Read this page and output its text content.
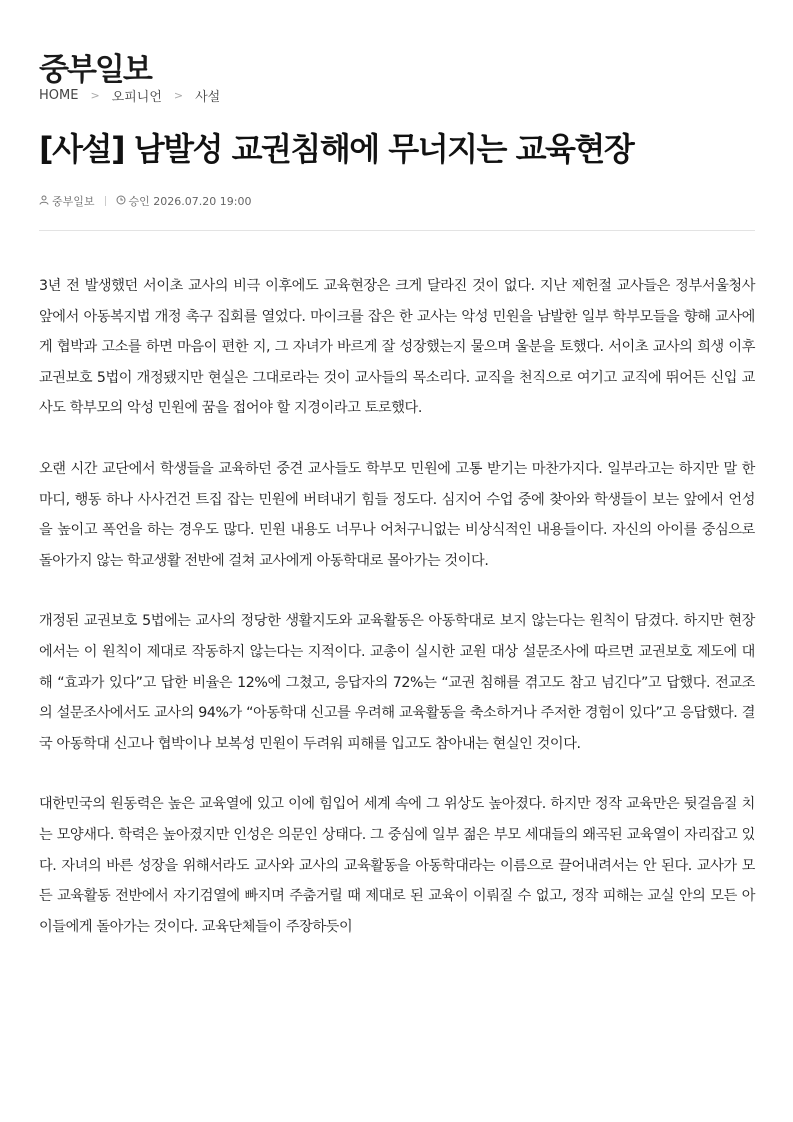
중부일보
HOME > 오피니언 > 사설
[사설] 남발성 교권침해에 무너지는 교육현장
중부일보	승인 2026.07.20 19:00

3년 전 발생했던 서이초 교사의 비극 이후에도 교육현장은 크게 달라진 것이 없다. 지난 제헌절 교사들은 정부서울청사 앞에서 아동복지법 개정 촉구 집회를 열었다. 마이크를 잡은 한 교사는 악성 민원을 남발한 일부 학부모들을 향해 교사에게 협박과 고소를 하면 마음이 편한 지, 그 자녀가 바르게 잘 성장했는지 물으며 울분을 토했다. 서이초 교사의 희생 이후 교권보호 5법이 개정됐지만 현실은 그대로라는 것이 교사들의 목소리다. 교직을 천직으로 여기고 교직에 뛰어든 신입 교사도 학부모의 악성 민원에 꿈을 접어야 할 지경이라고 토로했다.

오랜 시간 교단에서 학생들을 교육하던 중견 교사들도 학부모 민원에 고통 받기는 마찬가지다. 일부라고는 하지만 말 한 마디, 행동 하나 사사건건 트집 잡는 민원에 버텨내기 힘들 정도다. 심지어 수업 중에 찾아와 학생들이 보는 앞에서 언성을 높이고 폭언을 하는 경우도 많다. 민원 내용도 너무나 어처구니없는 비상식적인 내용들이다. 자신의 아이를 중심으로 돌아가지 않는 학교생활 전반에 걸쳐 교사에게 아동학대로 몰아가는 것이다.

개정된 교권보호 5법에는 교사의 정당한 생활지도와 교육활동은 아동학대로 보지 않는다는 원칙이 담겼다. 하지만 현장에서는 이 원칙이 제대로 작동하지 않는다는 지적이다. 교총이 실시한 교원 대상 설문조사에 따르면 교권보호 제도에 대해 “효과가 있다”고 답한 비율은 12%에 그쳤고, 응답자의 72%는 “교권 침해를 겪고도 참고 넘긴다”고 답했다. 전교조의 설문조사에서도 교사의 94%가 “아동학대 신고를 우려해 교육활동을 축소하거나 주저한 경험이 있다”고 응답했다. 결국 아동학대 신고나 협박이나 보복성 민원이 두려워 피해를 입고도 참아내는 현실인 것이다.

대한민국의 원동력은 높은 교육열에 있고 이에 힘입어 세계 속에 그 위상도 높아졌다. 하지만 정작 교육만은 뒷걸음질 치는 모양새다. 학력은 높아졌지만 인성은 의문인 상태다. 그 중심에 일부 젊은 부모 세대들의 왜곡된 교육열이 자리잡고 있다. 자녀의 바른 성장을 위해서라도 교사와 교사의 교육활동을 아동학대라는 이름으로 끌어내려서는 안 된다. 교사가 모든 교육활동 전반에서 자기검열에 빠지며 주춤거릴 때 제대로 된 교육이 이뤄질 수 없고, 정작 피해는 교실 안의 모든 아이들에게 돌아가는 것이다. 교육단체들이 주장하듯이
